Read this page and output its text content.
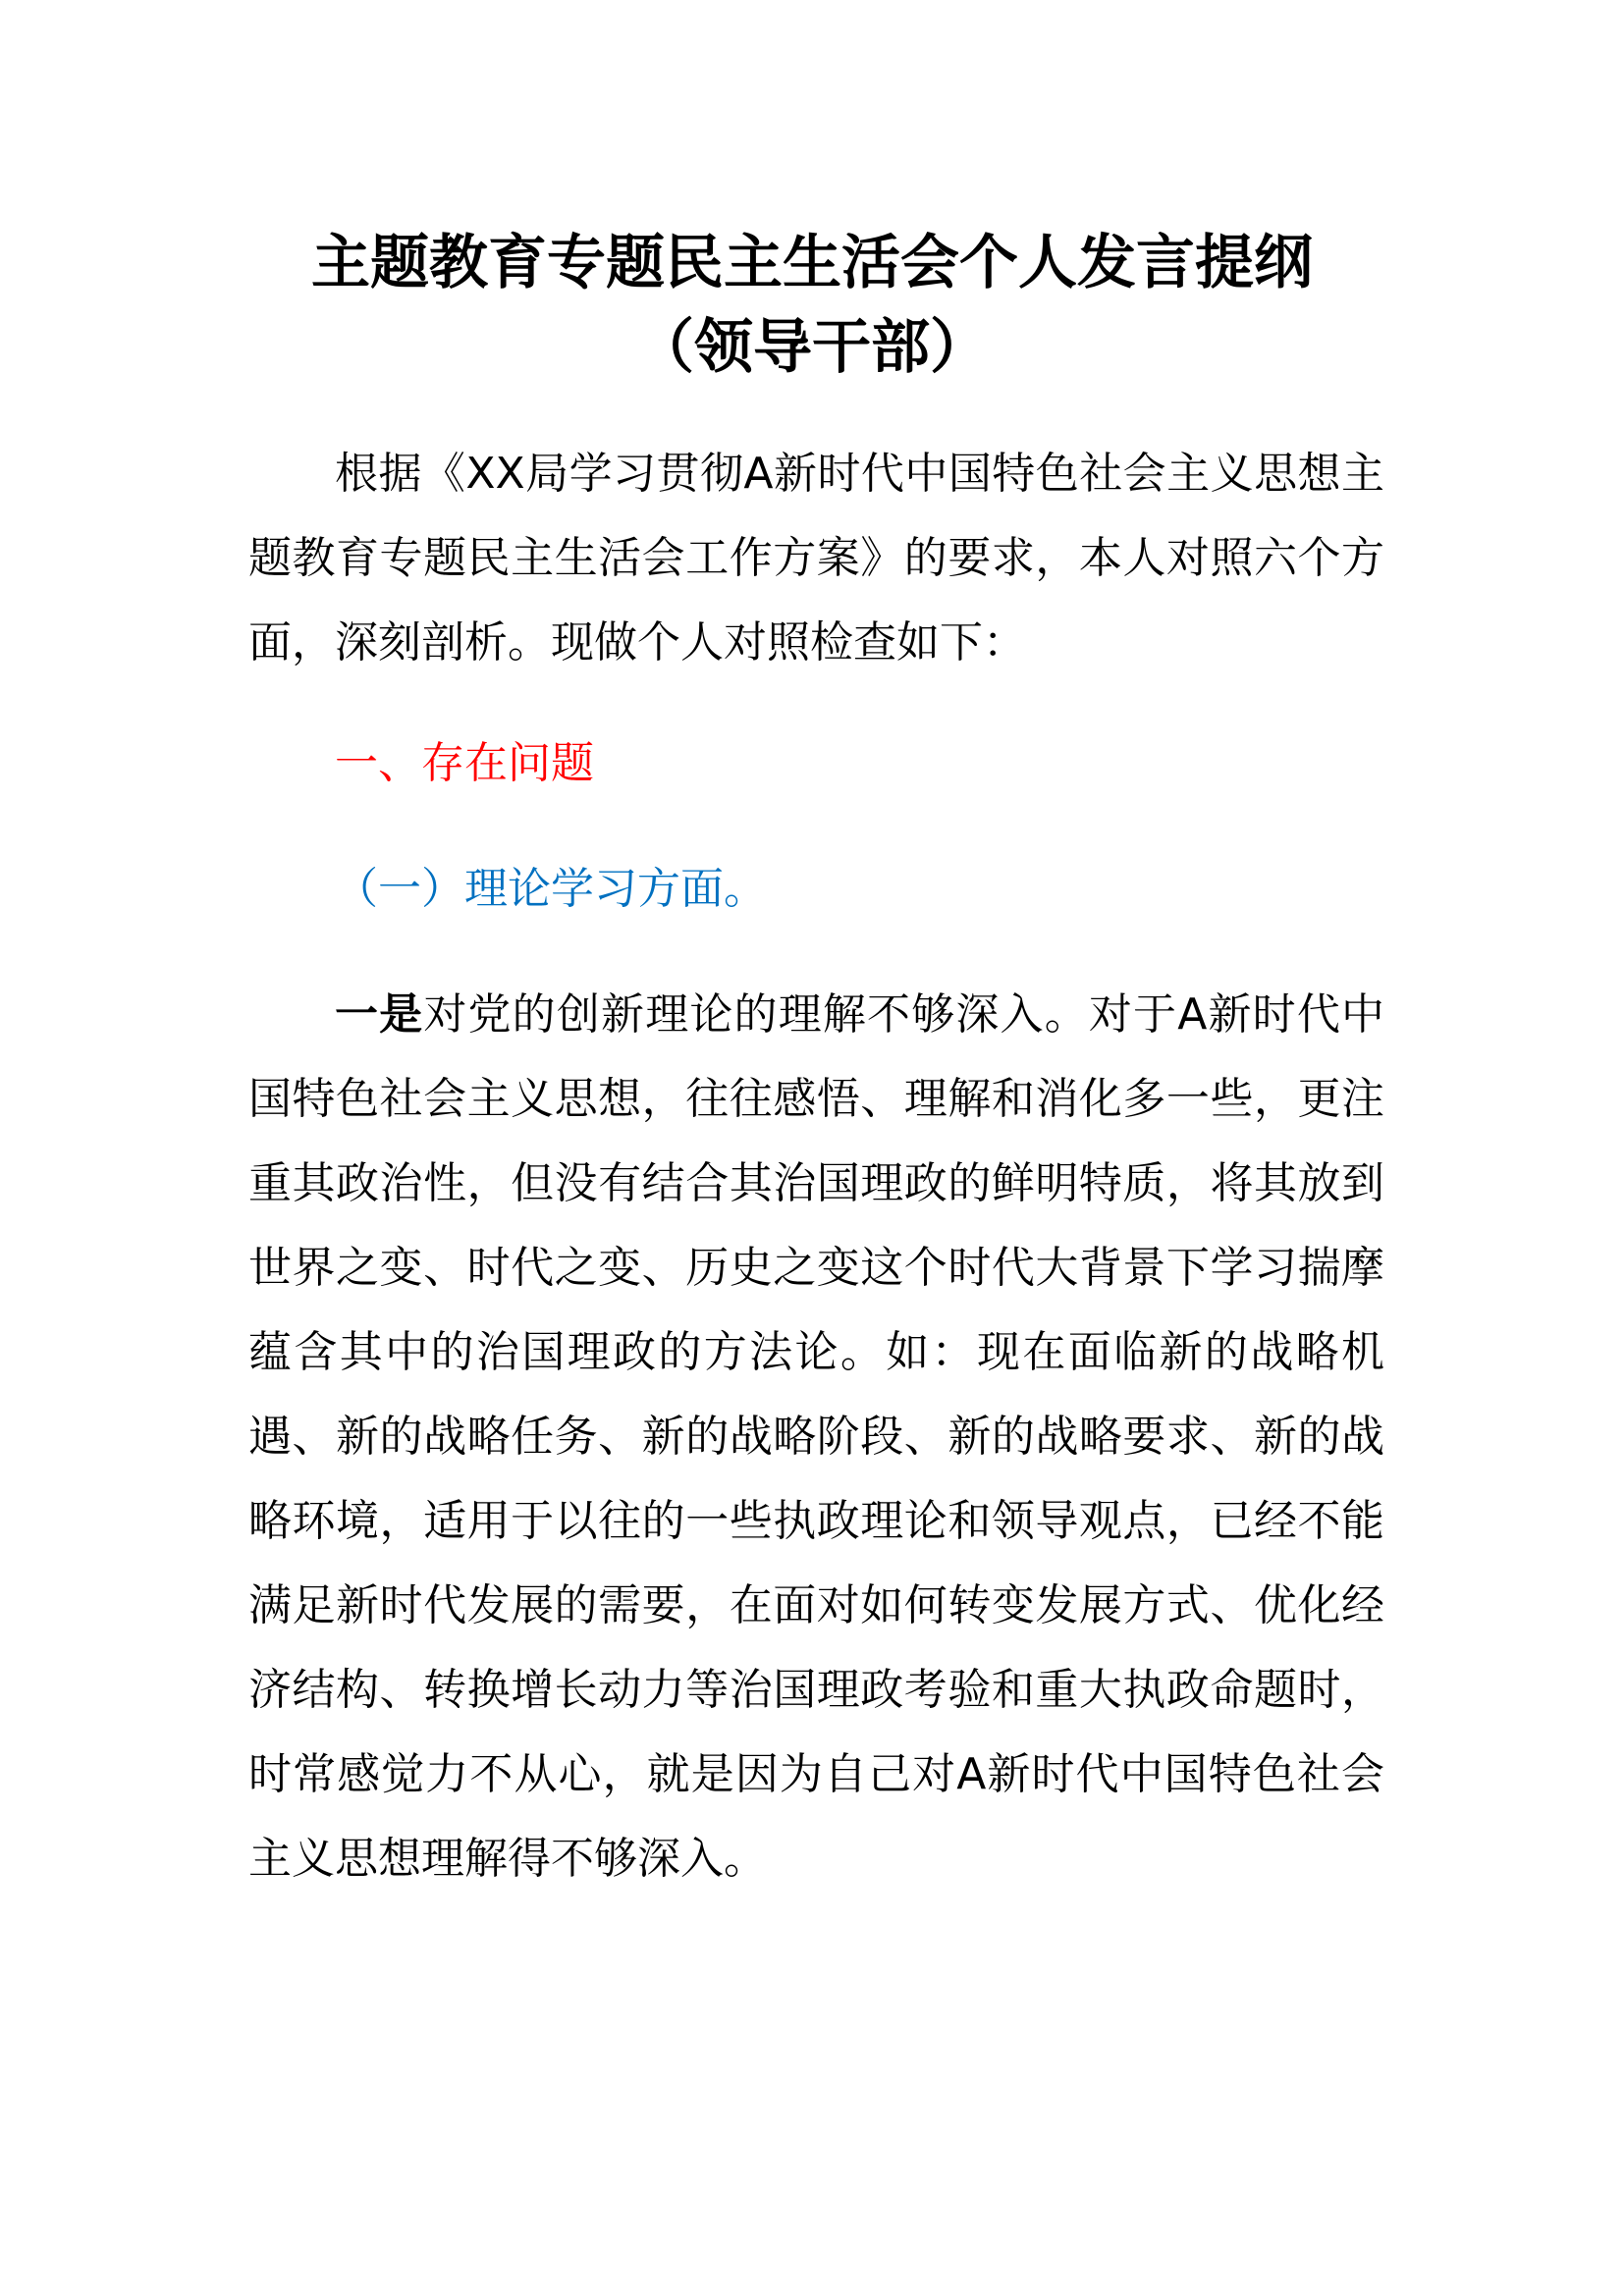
主题教育专题民主生活会个人发言提纲
（领导干部）

根据《XX局学习贯彻A新时代中国特色社会主义思想主题教育专题民主生活会工作方案》的要求，本人对照六个方面，深刻剖析。现做个人对照检查如下：

一、存在问题

（一）理论学习方面。

一是对党的创新理论的理解不够深入。对于A新时代中国特色社会主义思想，往往感悟、理解和消化多一些，更注重其政治性，但没有结合其治国理政的鲜明特质，将其放到世界之变、时代之变、历史之变这个时代大背景下学习揣摩蕴含其中的治国理政的方法论。如：现在面临新的战略机遇、新的战略任务、新的战略阶段、新的战略要求、新的战略环境，适用于以往的一些执政理论和领导观点，已经不能满足新时代发展的需要，在面对如何转变发展方式、优化经济结构、转换增长动力等治国理政考验和重大执政命题时，时常感觉力不从心，就是因为自己对A新时代中国特色社会主义思想理解得不够深入。
